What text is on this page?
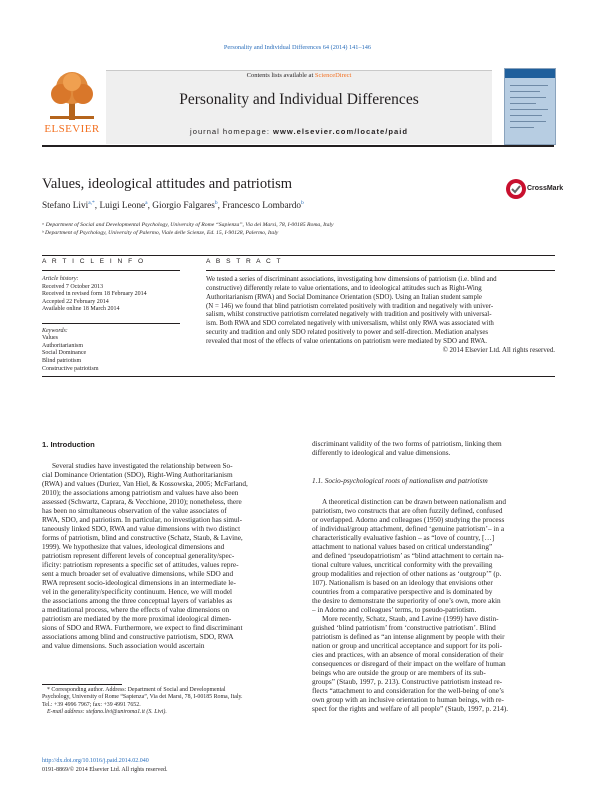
Personality and Individual Differences 64 (2014) 141–146
ELSEVIER
Contents lists available at ScienceDirect
Personality and Individual Differences
journal homepage: www.elsevier.com/locate/paid
Values, ideological attitudes and patriotism	CrossMark
Stefano Livi$^{a,*}$, Luigi Leone$^a$, Giorgio Falgares$^b$, Francesco Lombardo$^b$
ᵃ Department of Social and Developmental Psychology, University of Rome “Sapienza”, Via dei Marsi, 78, I-00185 Roma, Italy
ᵇ Department of Psychology, University of Palermo, Viale delle Scienze, Ed. 15, I-90128, Palermo, Italy
A R T I C L E I N F O	A B S T R A C T
Article history:
Received 7 October 2013
Received in revised form 18 February 2014
Accepted 22 February 2014
Available online 18 March 2014
Keywords:
Values
Authoritarianism
Social Dominance
Blind patriotism
Constructive patriotism
We tested a series of discriminant associations, investigating how dimensions of patriotism (i.e. blind and
constructive) differently relate to value orientations, and to ideological attitudes such as Right-Wing
Authoritarianism (RWA) and Social Dominance Orientation (SDO). Using an Italian student sample
(N = 146) we found that blind patriotism correlated positively with tradition and negatively with univer-
salism, whilst constructive patriotism correlated negatively with tradition and positively with universal-
ism. Both RWA and SDO correlated negatively with universalism, whilst only RWA was associated with
security and tradition and only SDO related positively to power and self-direction. Mediation analyses
revealed that most of the effects of value orientations on patriotism were mediated by SDO and RWA.
© 2014 Elsevier Ltd. All rights reserved.
1. Introduction
Several studies have investigated the relationship between So-
cial Dominance Orientation (SDO), Right-Wing Authoritarianism
(RWA) and values (Duriez, Van Hiel, & Kossowska, 2005; McFarland,
2010); the associations among patriotism and values have also been
assessed (Schwartz, Caprara, & Vecchione, 2010); nonetheless, there
has been no simultaneous observation of the value associates of
RWA, SDO, and patriotism. In particular, no investigation has simul-
taneously linked SDO, RWA and value dimensions with two distinct
forms of patriotism, blind and constructive (Schatz, Staub, & Lavine,
1999). We hypothesize that values, ideological dimensions and
patriotism represent different levels of conceptual generality/spec-
ificity: patriotism represents a specific set of attitudes, values repre-
sent a much broader set of evaluative dimensions, while SDO and
RWA represent socio-ideological dimensions in an intermediate le-
vel in the generality/specificity continuum. Hence, we will model
the associations among the three conceptual layers of variables as
a meditational process, where the effects of value dimensions on
patriotism are mediated by the more proximal ideological dimen-
sions of SDO and RWA. Furthermore, we expect to find discriminant
associations among blind and constructive patriotism, SDO, RWA
and value dimensions. Such association would ascertain
* Corresponding author. Address: Department of Social and Developmental
Psychology, University of Rome “Sapienza”, Via dei Marsi, 78, I-00185 Roma, Italy.
Tel.: +39 4996 7967; fax: +39 4991 7652.
E-mail address: stefano.livi@uniroma1.it (S. Livi).
http://dx.doi.org/10.1016/j.paid.2014.02.040
0191-8869/© 2014 Elsevier Ltd. All rights reserved.
discriminant validity of the two forms of patriotism, linking them
differently to ideological and value dimensions.
1.1. Socio-psychological roots of nationalism and patriotism
A theoretical distinction can be drawn between nationalism and
patriotism, two constructs that are often fuzzily defined, confused
or overlapped. Adorno and colleagues (1950) studying the process
of individual/group attachment, defined ‘genuine patriotism’– in a
characteristically evaluative fashion – as “love of country, […]
attachment to national values based on critical understanding”
and defined ‘pseudopatriotism’ as “blind attachment to certain na-
tional culture values, uncritical conformity with the prevailing
group modalities and rejection of other nations as ‘outgroup’” (p.
107). Nationalism is based on an ideology that envisions other
countries from a comparative perspective and is dominated by
the desire to demonstrate the superiority of one’s own, more akin
– in Adorno and colleagues’ terms, to pseudo-patriotism.
More recently, Schatz, Staub, and Lavine (1999) have distin-
guished ‘blind patriotism’ from ‘constructive patriotism’. Blind
patriotism is defined as “an intense alignment by people with their
nation or group and uncritical acceptance and support for its poli-
cies and practices, with an absence of moral consideration of their
consequences or disregard of their impact on the welfare of human
beings who are outside the group or are members of its sub-
groups” (Staub, 1997, p. 213). Constructive patriotism instead re-
flects “attachment to and consideration for the well-being of one’s
own group with an inclusive orientation to human beings, with re-
spect for the rights and welfare of all people” (Staub, 1997, p. 214).
